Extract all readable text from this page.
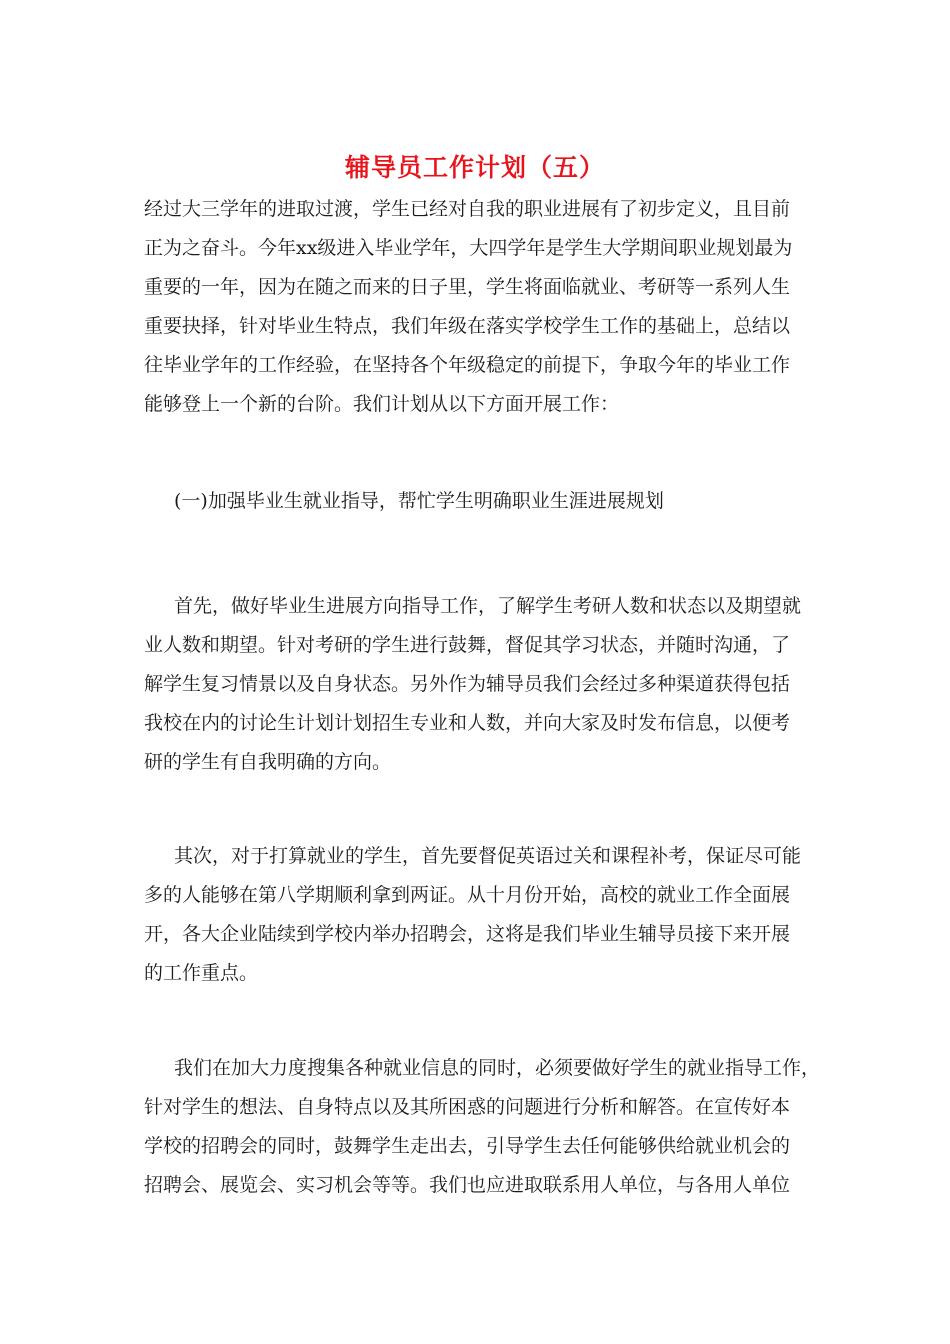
辅导员工作计划（五）
经过大三学年的进取过渡，学生已经对自我的职业进展有了初步定义，且目前
正为之奋斗。今年xx级进入毕业学年，大四学年是学生大学期间职业规划最为
重要的一年，因为在随之而来的日子里，学生将面临就业、考研等一系列人生
重要抉择，针对毕业生特点，我们年级在落实学校学生工作的基础上，总结以
往毕业学年的工作经验，在坚持各个年级稳定的前提下，争取今年的毕业工作
能够登上一个新的台阶。我们计划从以下方面开展工作：
(一)加强毕业生就业指导，帮忙学生明确职业生涯进展规划
首先，做好毕业生进展方向指导工作，了解学生考研人数和状态以及期望就
业人数和期望。针对考研的学生进行鼓舞，督促其学习状态，并随时沟通，了
解学生复习情景以及自身状态。另外作为辅导员我们会经过多种渠道获得包括
我校在内的讨论生计划计划招生专业和人数，并向大家及时发布信息，以便考
研的学生有自我明确的方向。
其次，对于打算就业的学生，首先要督促英语过关和课程补考，保证尽可能
多的人能够在第八学期顺利拿到两证。从十月份开始，高校的就业工作全面展
开，各大企业陆续到学校内举办招聘会，这将是我们毕业生辅导员接下来开展
的工作重点。
我们在加大力度搜集各种就业信息的同时，必须要做好学生的就业指导工作，
针对学生的想法、自身特点以及其所困惑的问题进行分析和解答。在宣传好本
学校的招聘会的同时，鼓舞学生走出去，引导学生去任何能够供给就业机会的
招聘会、展览会、实习机会等等。我们也应进取联系用人单位，与各用人单位
